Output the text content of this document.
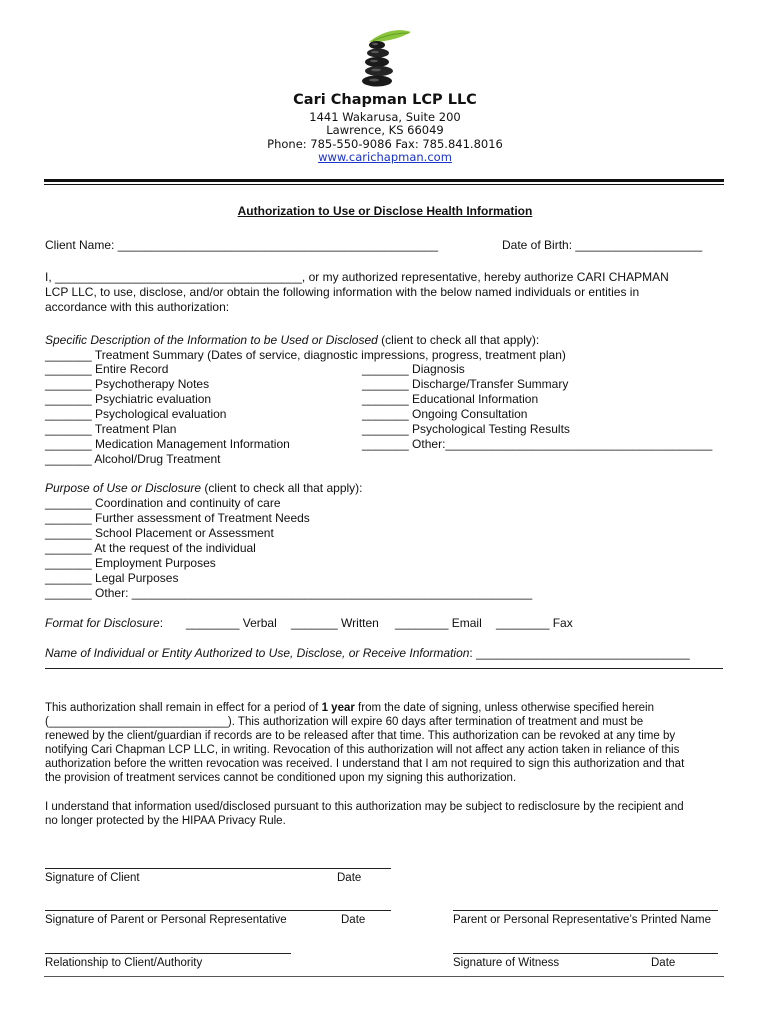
Cari Chapman LCP LLC
1441 Wakarusa, Suite 200
Lawrence, KS 66049
Phone: 785-550-9086 Fax: 785.841.8016
www.carichapman.com
Authorization to Use or Disclose Health Information
Client Name: ________________________________________________	Date of Birth: ___________________
I, _____________________________________, or my authorized representative, hereby authorize CARI CHAPMAN
LCP LLC, to use, disclose, and/or obtain the following information with the below named individuals or entities in
accordance with this authorization:
Specific Description of the Information to be Used or Disclosed (client to check all that apply):
_______ Treatment Summary (Dates of service, diagnostic impressions, progress, treatment plan)
_______ Entire Record
_______ Psychotherapy Notes
_______ Psychiatric evaluation
_______ Psychological evaluation
_______ Treatment Plan
_______ Medication Management Information
_______ Alcohol/Drug Treatment
_______ Diagnosis
_______ Discharge/Transfer Summary
_______ Educational Information
_______ Ongoing Consultation
_______ Psychological Testing Results
_______ Other:________________________________________
Purpose of Use or Disclosure (client to check all that apply):
_______ Coordination and continuity of care
_______ Further assessment of Treatment Needs
_______ School Placement or Assessment
_______ At the request of the individual
_______ Employment Purposes
_______ Legal Purposes
_______ Other: ____________________________________________________________
Format for Disclosure: ________ Verbal _______ Written ________ Email ________ Fax
Name of Individual or Entity Authorized to Use, Disclose, or Receive Information: ________________________________
This authorization shall remain in effect for a period of 1 year from the date of signing, unless otherwise specified herein
(____________________________). This authorization will expire 60 days after termination of treatment and must be
renewed by the client/guardian if records are to be released after that time. This authorization can be revoked at any time by
notifying Cari Chapman LCP LLC, in writing. Revocation of this authorization will not affect any action taken in reliance of this
authorization before the written revocation was received. I understand that I am not required to sign this authorization and that
the provision of treatment services cannot be conditioned upon my signing this authorization.
I understand that information used/disclosed pursuant to this authorization may be subject to redisclosure by the recipient and
no longer protected by the HIPAA Privacy Rule.
Signature of Client	Date
Signature of Parent or Personal Representative	Date	Parent or Personal Representative’s Printed Name
Relationship to Client/Authority	Signature of Witness	Date
